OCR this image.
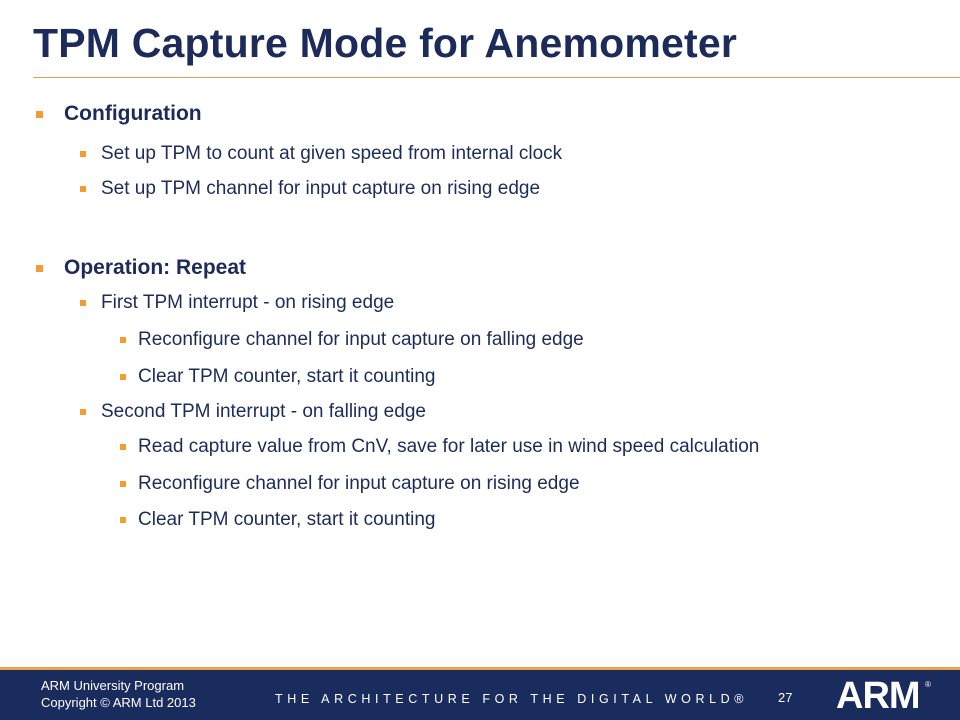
TPM Capture Mode for Anemometer
Configuration
Set up TPM to count at given speed from internal clock
Set up TPM channel for input capture on rising edge
Operation: Repeat
First TPM interrupt - on rising edge
Reconfigure channel for input capture on falling edge
Clear TPM counter, start it counting
Second TPM interrupt - on falling edge
Read capture value from CnV, save for later use in wind speed calculation
Reconfigure channel for input capture on rising edge
Clear TPM counter, start it counting
ARM University Program
Copyright © ARM Ltd 2013	THE ARCHITECTURE FOR THE DIGITAL WORLD® 27 ARM ®
